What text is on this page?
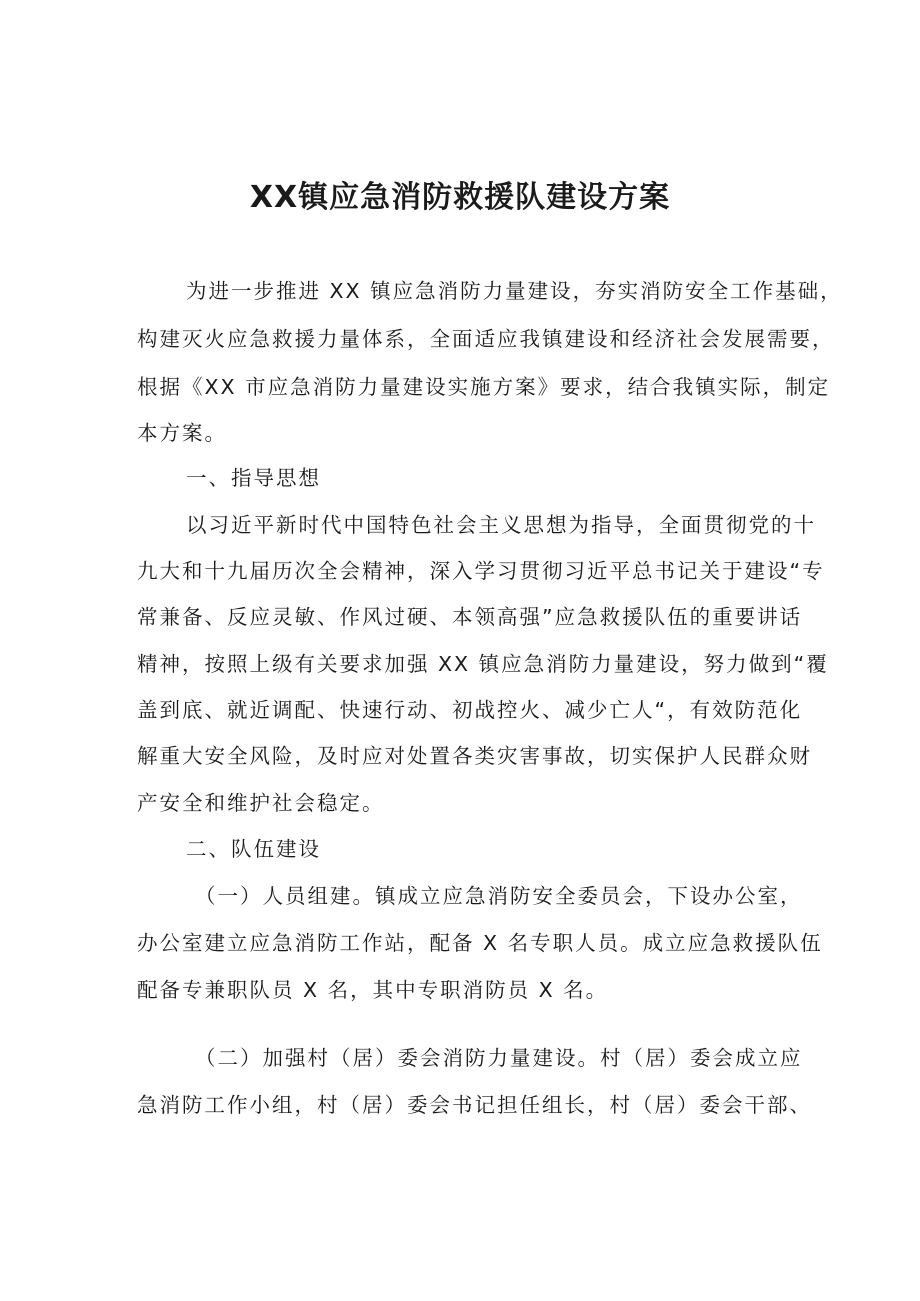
XX镇应急消防救援队建设方案
为进一步推进 XX 镇应急消防力量建设，夯实消防安全工作基础，
构建灭火应急救援力量体系，全面适应我镇建设和经济社会发展需要，
根据《XX 市应急消防力量建设实施方案》要求，结合我镇实际，制定
本方案。
一、指导思想
以习近平新时代中国特色社会主义思想为指导，全面贯彻党的十
九大和十九届历次全会精神，深入学习贯彻习近平总书记关于建设“专
常兼备、反应灵敏、作风过硬、本领高强”应急救援队伍的重要讲话
精神，按照上级有关要求加强 XX 镇应急消防力量建设，努力做到“覆
盖到底、就近调配、快速行动、初战控火、减少亡人“，有效防范化
解重大安全风险，及时应对处置各类灾害事故，切实保护人民群众财
产安全和维护社会稳定。
二、队伍建设
（一）人员组建。镇成立应急消防安全委员会，下设办公室，
办公室建立应急消防工作站，配备 X 名专职人员。成立应急救援队伍
配备专兼职队员 X 名，其中专职消防员 X 名。
（二）加强村（居）委会消防力量建设。村（居）委会成立应
急消防工作小组，村（居）委会书记担任组长，村（居）委会干部、
